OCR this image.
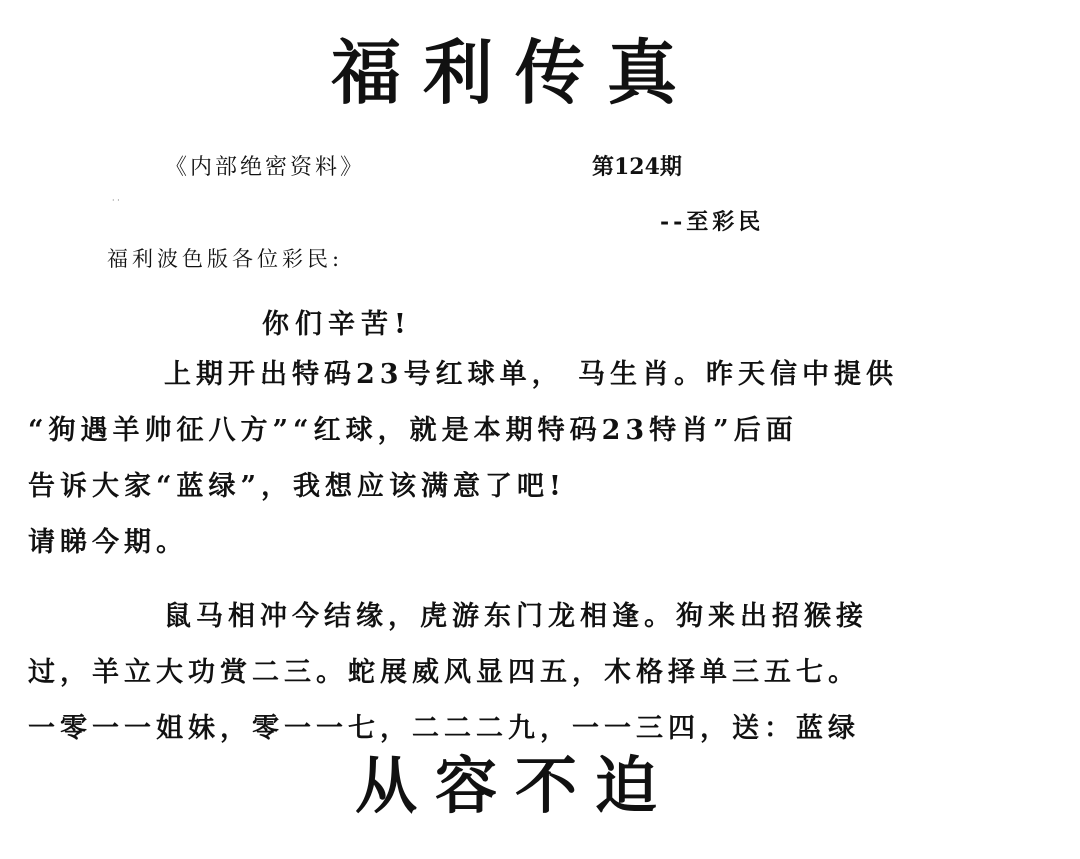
福利传真
《内部绝密资料》	第124期
· ·
--至彩民
福利波色版各位彩民:
你们辛苦!
上期开出特码23号红球单， 马生肖。昨天信中提供
“狗遇羊帅征八方”“红球，就是本期特码23特肖”后面
告诉大家“蓝绿”，我想应该满意了吧!
请睇今期。
鼠马相冲今结缘，虎游东门龙相逢。狗来出招猴接
过，羊立大功赏二三。蛇展威风显四五，木格择单三五七。
一零一一姐妹，零一一七，二二二九，一一三四，送：蓝绿
从容不迫
